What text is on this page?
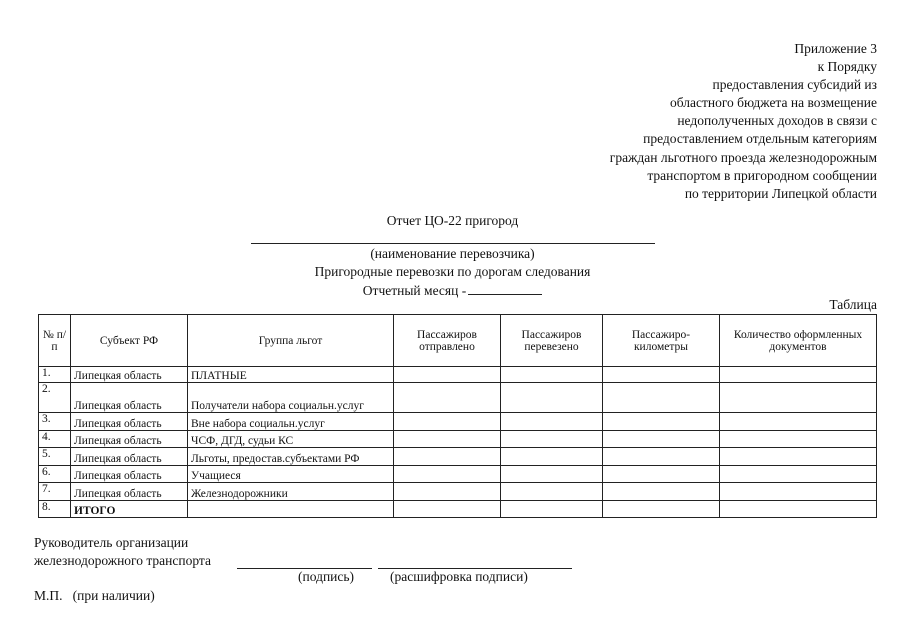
Приложение 3
к Порядку
предоставления субсидий из
областного бюджета на возмещение
недополученных доходов в связи с
предоставлением отдельным категориям
граждан льготного проезда железнодорожным
транспортом в пригородном сообщении
по территории Липецкой области
Отчет ЦО-22 пригород
(наименование перевозчика)
Пригородные перевозки по дорогам следования
Отчетный месяц -
Таблица
№ п/п	Субъект РФ	Группа льгот	Пассажиров отправлено	Пассажиров перевезено	Пассажиро-километры	Количество оформленных документов
1.	Липецкая область	ПЛАТНЫЕ				
2.	Липецкая область	Получатели набора социальн.услуг				
3.	Липецкая область	Вне набора социальн.услуг				
4.	Липецкая область	ЧСФ, ДГД, судьи КС				
5.	Липецкая область	Льготы, предостав.субъектами РФ				
6.	Липецкая область	Учащиеся				
7.	Липецкая область	Железнодорожники				
8.	ИТОГО					
Руководитель организации
железнодорожного транспорта
(подпись)	(расшифровка подписи)
М.П.   (при наличии)
